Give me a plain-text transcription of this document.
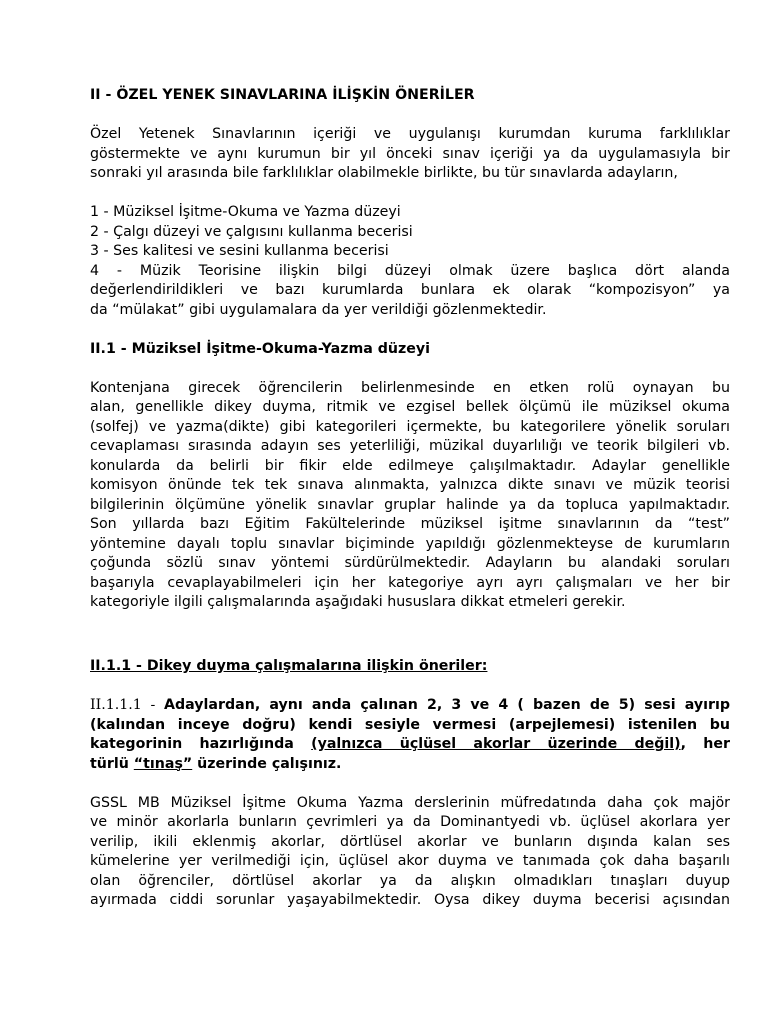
II - ÖZEL YENEK SINAVLARINA İLİŞKİN ÖNERİLER

Özel Yetenek Sınavlarının içeriği ve uygulanışı kurumdan kuruma farklılıklar
göstermekte ve aynı kurumun bir yıl önceki sınav içeriği ya da uygulamasıyla bir
sonraki yıl arasında bile farklılıklar olabilmekle birlikte, bu tür sınavlarda adayların,

1 - Müziksel İşitme-Okuma ve Yazma düzeyi
2 - Çalgı düzeyi ve çalgısını kullanma becerisi
3 - Ses kalitesi ve sesini kullanma becerisi
4 - Müzik Teorisine ilişkin bilgi düzeyi olmak üzere başlıca dört alanda
değerlendirildikleri ve bazı kurumlarda bunlara ek olarak “kompozisyon” ya
da “mülakat” gibi uygulamalara da yer verildiği gözlenmektedir.

II.1 - Müziksel İşitme-Okuma-Yazma düzeyi

Kontenjana girecek öğrencilerin belirlenmesinde en etken rolü oynayan bu
alan, genellikle dikey duyma, ritmik ve ezgisel bellek ölçümü ile müziksel okuma
(solfej) ve yazma(dikte) gibi kategorileri içermekte, bu kategorilere yönelik soruları
cevaplaması sırasında adayın ses yeterliliği, müzikal duyarlılığı ve teorik bilgileri vb.
konularda da belirli bir fikir elde edilmeye çalışılmaktadır. Adaylar genellikle
komisyon önünde tek tek sınava alınmakta, yalnızca dikte sınavı ve müzik teorisi
bilgilerinin ölçümüne yönelik sınavlar gruplar halinde ya da topluca yapılmaktadır.
Son yıllarda bazı Eğitim Fakültelerinde müziksel işitme sınavlarının da “test”
yöntemine dayalı toplu sınavlar biçiminde yapıldığı gözlenmekteyse de kurumların
çoğunda sözlü sınav yöntemi sürdürülmektedir. Adayların bu alandaki soruları
başarıyla cevaplayabilmeleri için her kategoriye ayrı ayrı çalışmaları ve her bir
kategoriyle ilgili çalışmalarında aşağıdaki hususlara dikkat etmeleri gerekir.

II.1.1 - Dikey duyma çalışmalarına ilişkin öneriler:

II.1.1.1 - Adaylardan, aynı anda çalınan 2, 3 ve 4 ( bazen de 5) sesi ayırıp
(kalından inceye doğru) kendi sesiyle vermesi (arpejlemesi) istenilen bu
kategorinin hazırlığında (yalnızca üçlüsel akorlar üzerinde değil), her
türlü “tınaş” üzerinde çalışınız.

GSSL MB Müziksel İşitme Okuma Yazma derslerinin müfredatında daha çok majör
ve minör akorlarla bunların çevrimleri ya da Dominantyedi vb. üçlüsel akorlara yer
verilip, ikili eklenmiş akorlar, dörtlüsel akorlar ve bunların dışında kalan ses
kümelerine yer verilmediği için, üçlüsel akor duyma ve tanımada çok daha başarılı
olan öğrenciler, dörtlüsel akorlar ya da alışkın olmadıkları tınaşları duyup
ayırmada ciddi sorunlar yaşayabilmektedir. Oysa dikey duyma becerisi açısından
